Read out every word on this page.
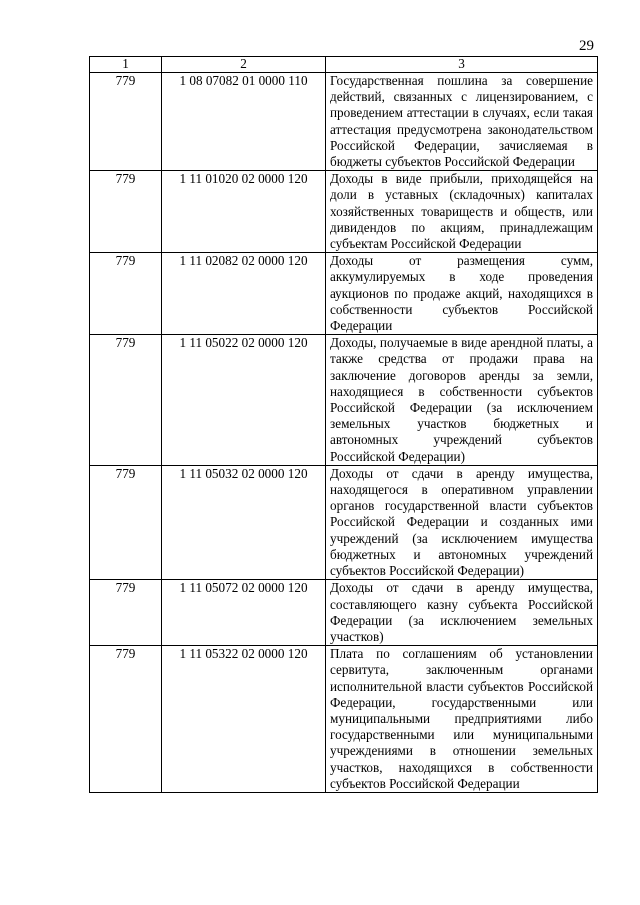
29
1	2	3
779	1 08 07082 01 0000 110	Государственная пошлина за совершение действий, связанных с лицензированием, с проведением аттестации в случаях, если такая аттестация предусмотрена законодательством Российской Федерации, зачисляемая в бюджеты субъектов Российской Федерации
779	1 11 01020 02 0000 120	Доходы в виде прибыли, приходящейся на доли в уставных (складочных) капиталах хозяйственных товариществ и обществ, или дивидендов по акциям, принадлежащим субъектам Российской Федерации
779	1 11 02082 02 0000 120	Доходы от размещения сумм, аккумулируемых в ходе проведения аукционов по продаже акций, находящихся в собственности субъектов Российской Федерации
779	1 11 05022 02 0000 120	Доходы, получаемые в виде арендной платы, а также средства от продажи права на заключение договоров аренды за земли, находящиеся в собственности субъектов Российской Федерации (за исключением земельных участков бюджетных и автономных учреждений субъектов Российской Федерации)
779	1 11 05032 02 0000 120	Доходы от сдачи в аренду имущества, находящегося в оперативном управлении органов государственной власти субъектов Российской Федерации и созданных ими учреждений (за исключением имущества бюджетных и автономных учреждений субъектов Российской Федерации)
779	1 11 05072 02 0000 120	Доходы от сдачи в аренду имущества, составляющего казну субъекта Российской Федерации (за исключением земельных участков)
779	1 11 05322 02 0000 120	Плата по соглашениям об установлении сервитута, заключенным органами исполнительной власти субъектов Российской Федерации, государственными или муниципальными предприятиями либо государственными или муниципальными учреждениями в отношении земельных участков, находящихся в собственности субъектов Российской Федерации
